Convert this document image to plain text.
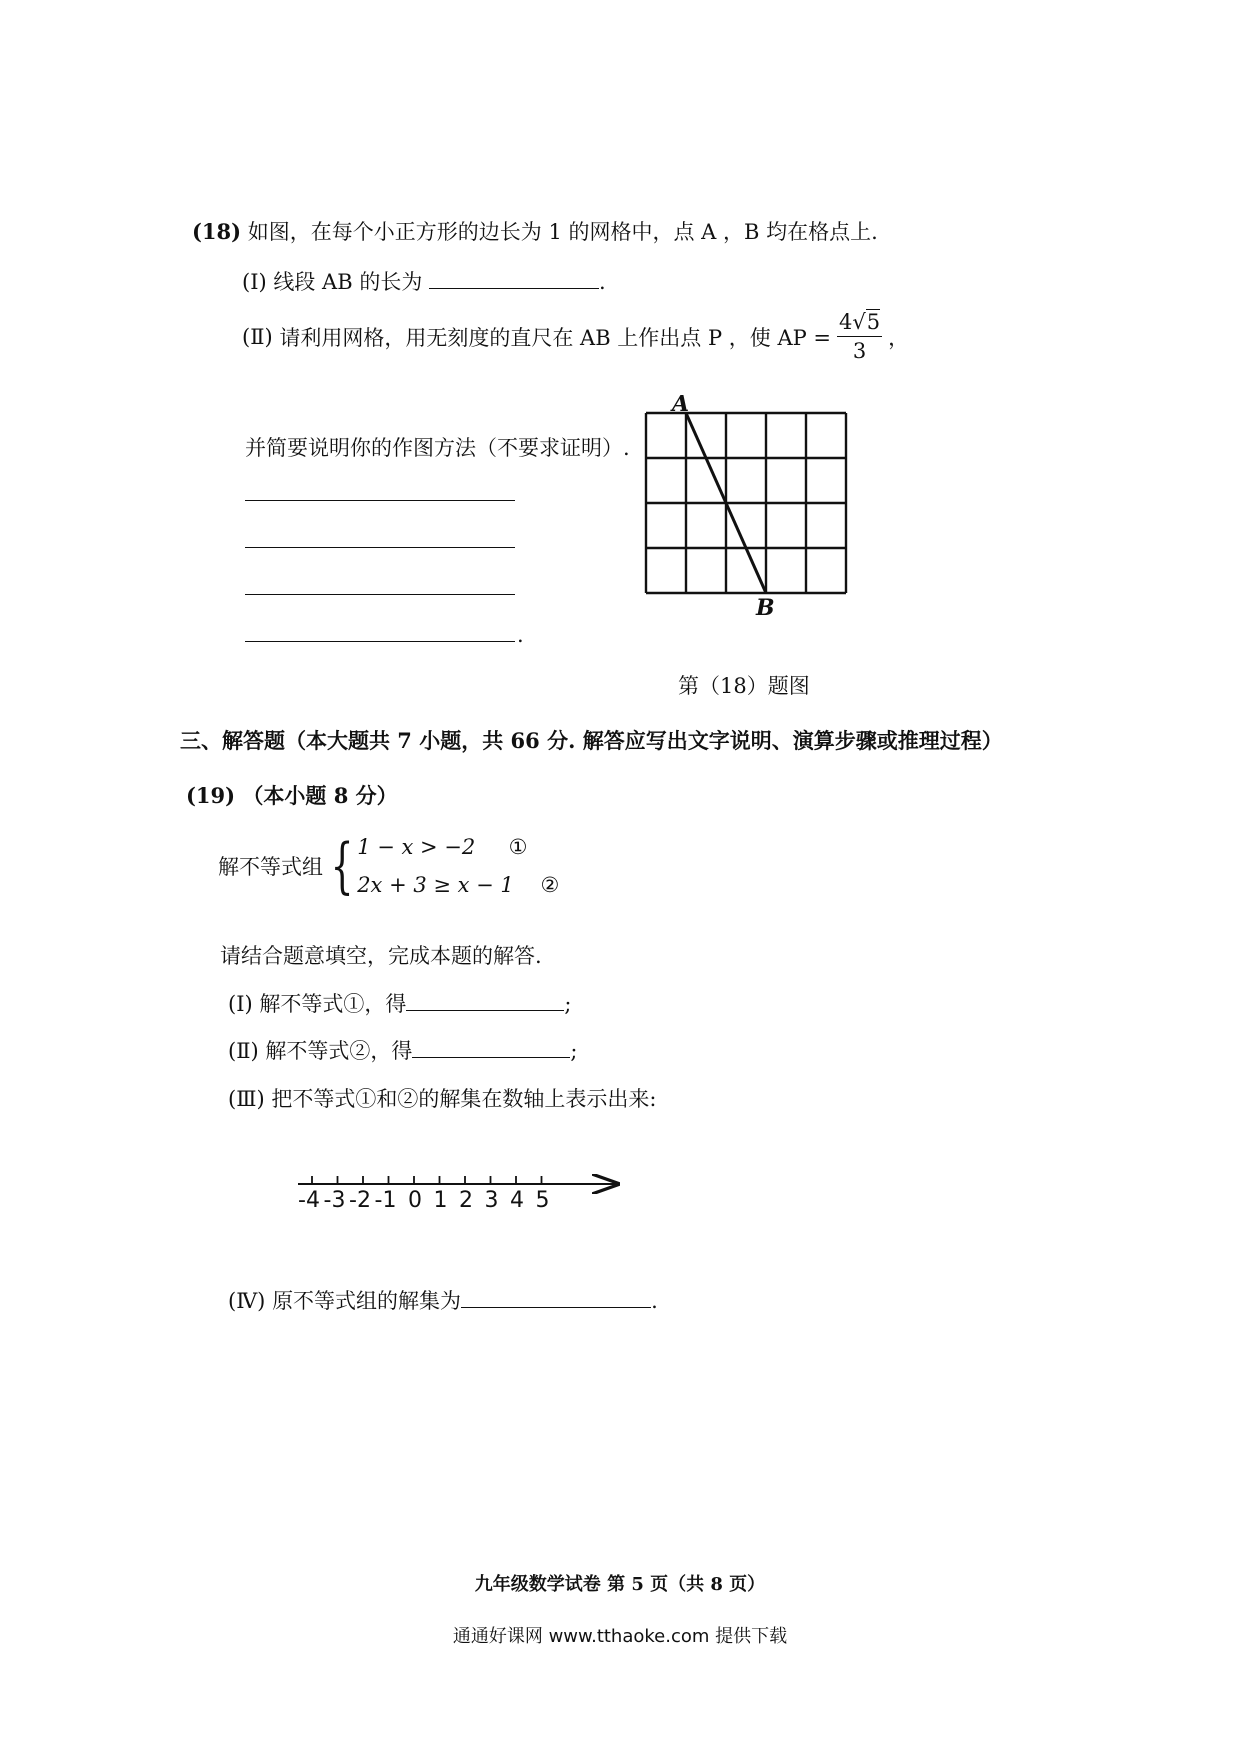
(18) 如图，在每个小正方形的边长为 1 的网格中，点 A ，B 均在格点上.
(Ⅰ) 线段 AB 的长为	.
(Ⅱ)
请利用网格，用无刻度的直尺在 AB 上作出点 P ，使 AP = $\frac{4√5}{3}$ ，
并简要说明你的作图方法（不要求证明）.
.
A
B
第（18）题图
三、解答题（本大题共 7 小题，共 66 分. 解答应写出文字说明、演算步骤或推理过程）
(19) （本小题 8 分）
解不等式组 { 1 − x > −2 ①
2x + 3 ≥ x − 1 ②
请结合题意填空，完成本题的解答.
(Ⅰ) 解不等式①，得	;
(Ⅱ) 解不等式②，得	;
(Ⅲ) 把不等式①和②的解集在数轴上表示出来:
-4 -3 -2 -1 0 1 2 3 4 5
(Ⅳ) 原不等式组的解集为	.
九年级数学试卷 第 5 页（共 8 页）
通通好课网 www.tthaoke.com 提供下载
